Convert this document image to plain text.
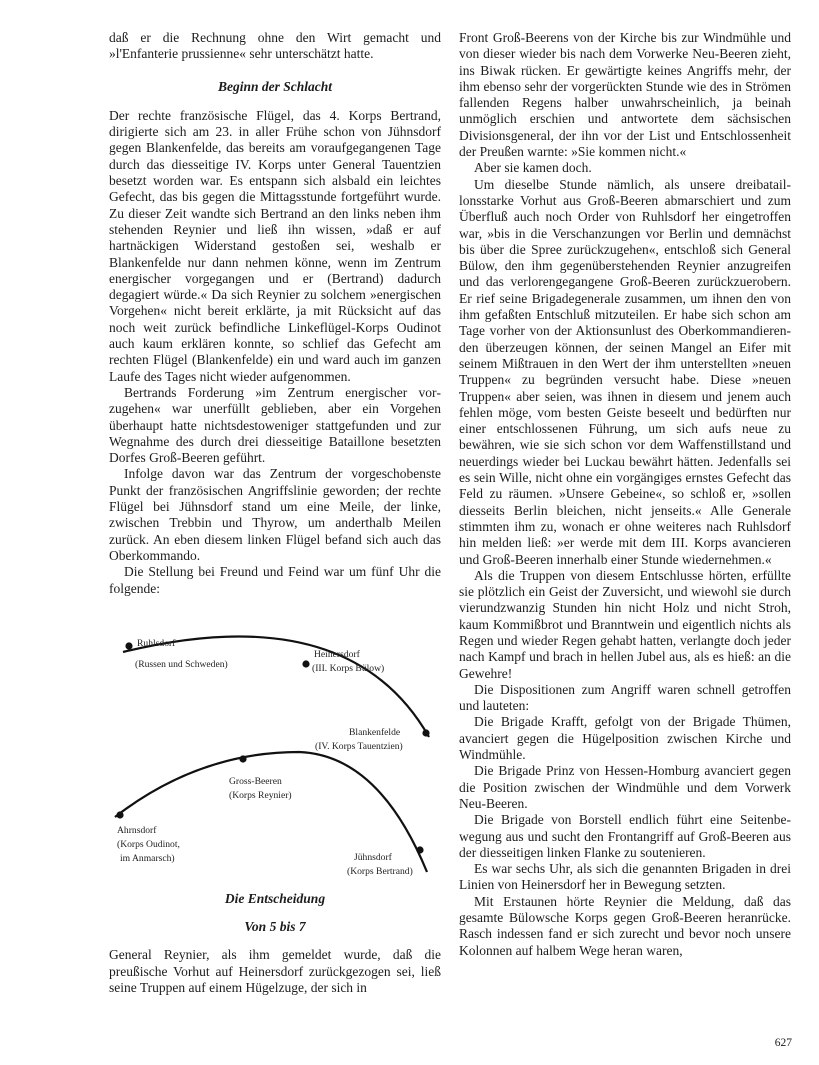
daß er die Rechnung ohne den Wirt gemacht und »l'Enfanterie prussienne« sehr unterschätzt hatte.

Beginn der Schlacht

Der rechte französische Flügel, das 4. Korps Bertrand, dirigierte sich am 23. in aller Frühe schon von Jühnsdorf gegen Blankenfelde, das bereits am voraufgegangenen Tage durch das diesseitige IV. Korps unter General Tauentzien besetzt worden war. Es entspann sich alsbald ein leichtes Gefecht, das bis gegen die Mittagsstunde fortgeführt wurde. Zu dieser Zeit wandte sich Bertrand an den links neben ihm stehenden Reynier und ließ ihn wissen, »daß er auf hartnäckigen Widerstand gestoßen sei, weshalb er Blankenfelde nur dann nehmen könne, wenn im Zentrum energischer vorgegangen und er (Bertrand) dadurch degagiert würde.« Da sich Reynier zu solchem »energischen Vorgehen« nicht bereit erklärte, ja mit Rücksicht auf das noch weit zurück befindliche Linkeflügel-Korps Oudinot auch kaum erklären konnte, so schlief das Gefecht am rechten Flügel (Blankenfelde) ein und ward auch im ganzen Laufe des Tages nicht wieder aufgenommen.

Bertrands Forderung »im Zentrum energischer vorzugehen« war unerfüllt geblieben, aber ein Vorgehen überhaupt hatte nichtsdestoweniger stattgefunden und zur Wegnahme des durch drei diesseitige Bataillone besetzten Dorfes Groß-Beeren geführt.

Infolge davon war das Zentrum der vorgeschobenste Punkt der französischen Angriffslinie geworden; der rechte Flügel bei Jühnsdorf stand um eine Meile, der linke, zwischen Trebbin und Thyrow, um anderthalb Meilen zurück. An eben diesem linken Flügel befand sich auch das Oberkommando.

Die Stellung bei Freund und Feind war um fünf Uhr die folgende:

Ruhlsdorf
(Russen und Schweden)
Heinersdorf
(III. Korps Bülow)
Blankenfelde
(IV. Korps Tauentzien)
Gross-Beeren
(Korps Reynier)
Ahrnsdorf
(Korps Oudinot,
im Anmarsch)	Jühnsdorf
(Korps Bertrand)
Die Entscheidung
Von 5 bis 7

General Reynier, als ihm gemeldet wurde, daß die preußische Vorhut auf Heinersdorf zurückgezogen sei, ließ seine Truppen auf einem Hügelzuge, der sich in

Front Groß-Beerens von der Kirche bis zur Windmühle und von dieser wieder bis nach dem Vorwerke Neu-Beeren zieht, ins Biwak rücken. Er gewärtigte keines Angriffs mehr, der ihm ebenso sehr der vorgerückten Stunde wie des in Strömen fallenden Regens halber unwahrscheinlich, ja beinah unmöglich erschien und antwortete dem sächsischen Divisionsgeneral, der ihn vor der List und Entschlossenheit der Preußen warnte: »Sie kommen nicht.«

Aber sie kamen doch.

Um dieselbe Stunde nämlich, als unsere dreibataillonsstarke Vorhut aus Groß-Beeren abmarschiert und zum Überfluß auch noch Order von Ruhlsdorf her eingetroffen war, »bis in die Verschanzungen vor Berlin und demnächst bis über die Spree zurückzugehen«, entschloß sich General Bülow, den ihm gegenüberstehenden Reynier anzugreifen und das verlorengegangene Groß-Beeren zurückzuerobern. Er rief seine Brigadegenerale zusammen, um ihnen den von ihm gefaßten Entschluß mitzuteilen. Er habe sich schon am Tage vorher von der Aktionsunlust des Oberkommandierenden überzeugen können, der seinen Mangel an Eifer mit seinem Mißtrauen in den Wert der ihm unterstellten »neuen Truppen« zu begründen versucht habe. Diese »neuen Truppen« aber seien, was ihnen in diesem und jenem auch fehlen möge, vom besten Geiste beseelt und bedürften nur einer entschlossenen Führung, um sich aufs neue zu bewähren, wie sie sich schon vor dem Waffenstillstand und neuerdings wieder bei Luckau bewährt hätten. Jedenfalls sei es sein Wille, nicht ohne ein vorgängiges ernstes Gefecht das Feld zu räumen. »Unsere Gebeine«, so schloß er, »sollen diesseits Berlin bleichen, nicht jenseits.« Alle Generale stimmten ihm zu, wonach er ohne weiteres nach Ruhlsdorf hin melden ließ: »er werde mit dem III. Korps avancieren und Groß-Beeren innerhalb einer Stunde wiedernehmen.«

Als die Truppen von diesem Entschlusse hörten, erfüllte sie plötzlich ein Geist der Zuversicht, und wiewohl sie durch vierundzwanzig Stunden hin nicht Holz und nicht Stroh, kaum Kommißbrot und Branntwein und eigentlich nichts als Regen und wieder Regen gehabt hatten, verlangte doch jeder nach Kampf und brach in hellen Jubel aus, als es hieß: an die Gewehre!

Die Dispositionen zum Angriff waren schnell getroffen und lauteten:

Die Brigade Krafft, gefolgt von der Brigade Thümen, avanciert gegen die Hügelposition zwischen Kirche und Windmühle.

Die Brigade Prinz von Hessen-Homburg avanciert gegen die Position zwischen der Windmühle und dem Vorwerk Neu-Beeren.

Die Brigade von Borstell endlich führt eine Seitenbewegung aus und sucht den Frontangriff auf Groß-Beeren aus der diesseitigen linken Flanke zu soutenieren.

Es war sechs Uhr, als sich die genannten Brigaden in drei Linien von Heinersdorf her in Bewegung setzten.

Mit Erstaunen hörte Reynier die Meldung, daß das gesamte Bülowsche Korps gegen Groß-Beeren heranrücke. Rasch indessen fand er sich zurecht und bevor noch unsere Kolonnen auf halbem Wege heran waren,

627
